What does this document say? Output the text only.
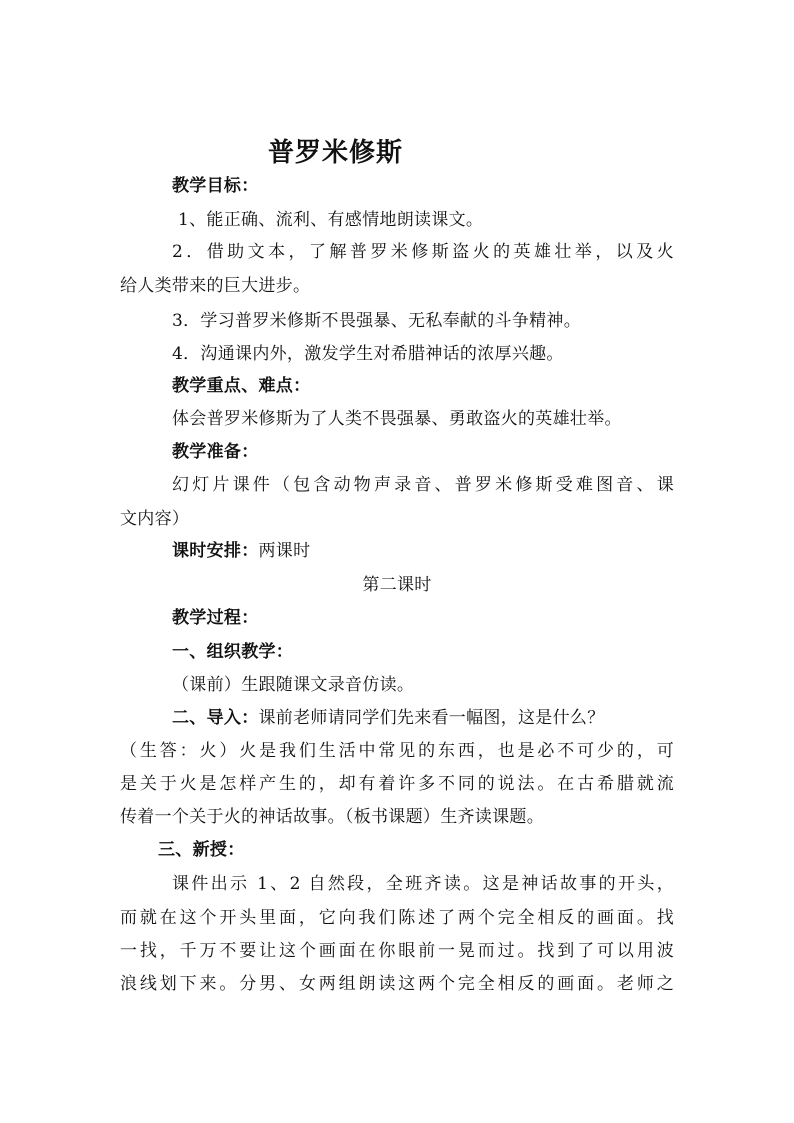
普罗米修斯
教学目标：
1、能正确、流利、有感情地朗读课文。
2．借助文本，了解普罗米修斯盗火的英雄壮举，以及火
给人类带来的巨大进步。
3．学习普罗米修斯不畏强暴、无私奉献的斗争精神。
4．沟通课内外，激发学生对希腊神话的浓厚兴趣。
教学重点、难点：
体会普罗米修斯为了人类不畏强暴、勇敢盗火的英雄壮举。
教学准备：
幻灯片课件（包含动物声录音、普罗米修斯受难图音、课
文内容）
课时安排：两课时
第二课时
教学过程：
一、组织教学：
（课前）生跟随课文录音仿读。
二、导入：课前老师请同学们先来看一幅图，这是什么？
（生答：火）火是我们生活中常见的东西，也是必不可少的，可
是关于火是怎样产生的，却有着许多不同的说法。在古希腊就流
传着一个关于火的神话故事。（板书课题）生齐读课题。
三、新授：
课件出示 1、2 自然段，全班齐读。这是神话故事的开头，
而就在这个开头里面，它向我们陈述了两个完全相反的画面。找
一找，千万不要让这个画面在你眼前一晃而过。找到了可以用波
浪线划下来。分男、女两组朗读这两个完全相反的画面。老师之
